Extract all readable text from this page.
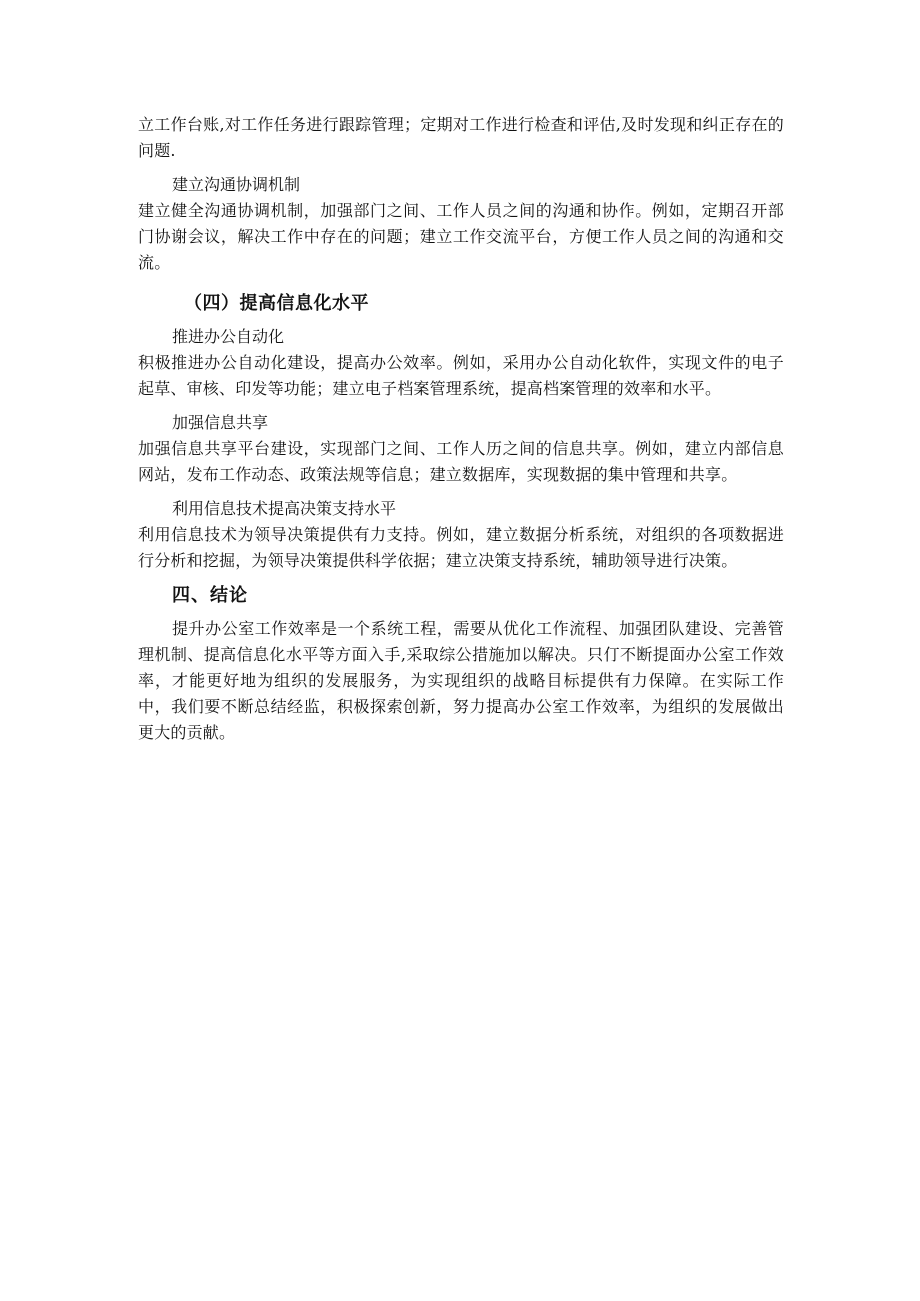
立工作台账,对工作任务进行跟踪管理；定期对工作进行检查和评估,及时发现和纠正存在的问题.

建立沟通协调机制

建立健全沟通协调机制，加强部门之间、工作人员之间的沟通和协作。例如，定期召开部门协谢会议，解决工作中存在的问题；建立工作交流平台，方便工作人员之间的沟通和交流。

（四）提高信息化水平

推进办公自动化

积极推进办公自动化建设，提高办公效率。例如，采用办公自动化软件，实现文件的电子起草、审核、印发等功能；建立电子档案管理系统，提高档案管理的效率和水平。

加强信息共享

加强信息共享平台建设，实现部门之间、工作人历之间的信息共享。例如，建立内部信息网站，发布工作动态、政策法规等信息；建立数据库，实现数据的集中管理和共享。

利用信息技术提高决策支持水平

利用信息技术为领导决策提供有力支持。例如，建立数据分析系统，对组织的各项数据进行分析和挖掘，为领导决策提供科学依据；建立决策支持系统，辅助领导进行决策。

四、结论

提升办公室工作效率是一个系统工程，需要从优化工作流程、加强团队建设、完善管理机制、提高信息化水平等方面入手,采取综公措施加以解决。只仃不断提面办公室工作效率，才能更好地为组织的发展服务，为实现组织的战略目标提供有力保障。在实际工作中，我们要不断总结经监，积极探索创新，努力提高办公室工作效率，为组织的发展做出更大的贡献。
